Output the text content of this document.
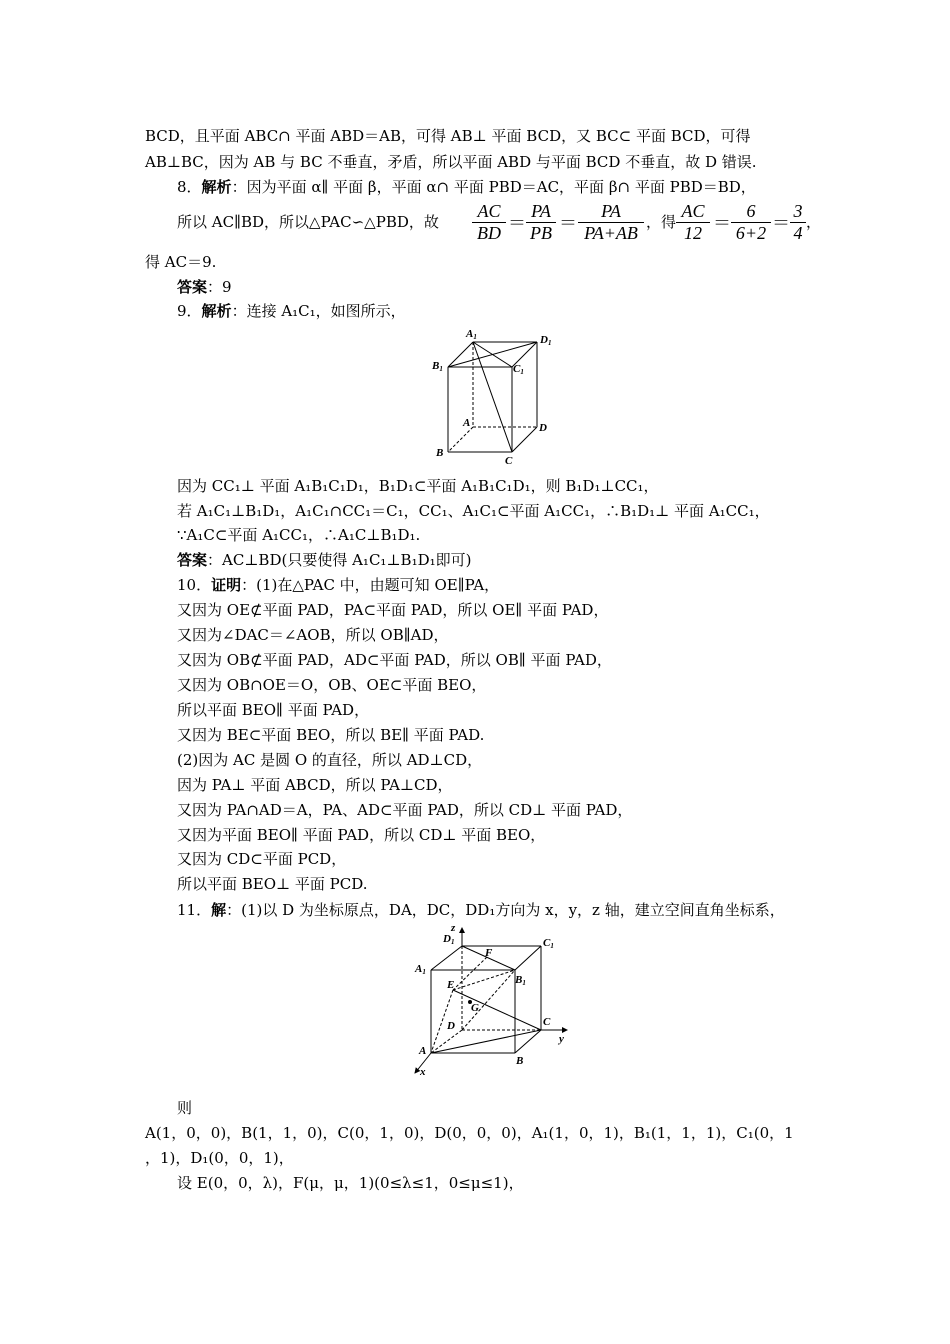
BCD，且平面 ABC∩ 平面 ABD＝AB，可得 AB⊥ 平面 BCD，又 BC⊂ 平面 BCD，可得
AB⊥BC，因为 AB 与 BC 不垂直，矛盾，所以平面 ABD 与平面 BCD 不垂直，故 D 错误.
8．解析：因为平面 α∥ 平面 β，平面 α∩ 平面 PBD＝AC，平面 β∩ 平面 PBD＝BD，
所以 AC∥BD，所以△PAC∽△PBD，故 $\frac{AC}{BD} = \frac{PA}{PB} = \frac{PA}{PA+AB}$ ，得 $\frac{AC}{12} = \frac{6}{6+2} = \frac{3}{4}$ ，
得 AC＝9.
答案：9
9．解析：连接 A₁C₁，如图所示，
A1	D1
B1	C1
A	D
B
C
因为 CC₁⊥ 平面 A₁B₁C₁D₁，B₁D₁⊂平面 A₁B₁C₁D₁，则 B₁D₁⊥CC₁，
若 A₁C₁⊥B₁D₁，A₁C₁∩CC₁＝C₁，CC₁、A₁C₁⊂平面 A₁CC₁，∴B₁D₁⊥ 平面 A₁CC₁，
∵A₁C⊂平面 A₁CC₁，∴A₁C⊥B₁D₁.
答案：AC⊥BD(只要使得 A₁C₁⊥B₁D₁即可)
10．证明：(1)在△PAC 中，由题可知 OE∥PA，
又因为 OE⊄平面 PAD，PA⊂平面 PAD，所以 OE∥ 平面 PAD，
又因为∠DAC＝∠AOB，所以 OB∥AD，
又因为 OB⊄平面 PAD，AD⊂平面 PAD，所以 OB∥ 平面 PAD，
又因为 OB∩OE＝O，OB、OE⊂平面 BEO，
所以平面 BEO∥ 平面 PAD，
又因为 BE⊂平面 BEO，所以 BE∥ 平面 PAD.
(2)因为 AC 是圆 O 的直径，所以 AD⊥CD，
因为 PA⊥ 平面 ABCD，所以 PA⊥CD，
又因为 PA∩AD＝A，PA、AD⊂平面 PAD，所以 CD⊥ 平面 PAD，
又因为平面 BEO∥ 平面 PAD，所以 CD⊥ 平面 BEO，
又因为 CD⊂平面 PCD，
所以平面 BEO⊥ 平面 PCD.
11．解：(1)以 D 为坐标原点，DA，DC，DD₁方向为 x，y，z 轴，建立空间直角坐标系，
z
y
x
D1	C1
A1
B1
F
E
G
D	C
A
B
则
A(1，0，0)，B(1，1，0)，C(0，1，0)，D(0，0，0)，A₁(1，0，1)，B₁(1，1，1)，C₁(0，1
，1)，D₁(0，0，1)，
设 E(0，0，λ)，F(μ，μ，1)(0≤λ≤1，0≤μ≤1)，
